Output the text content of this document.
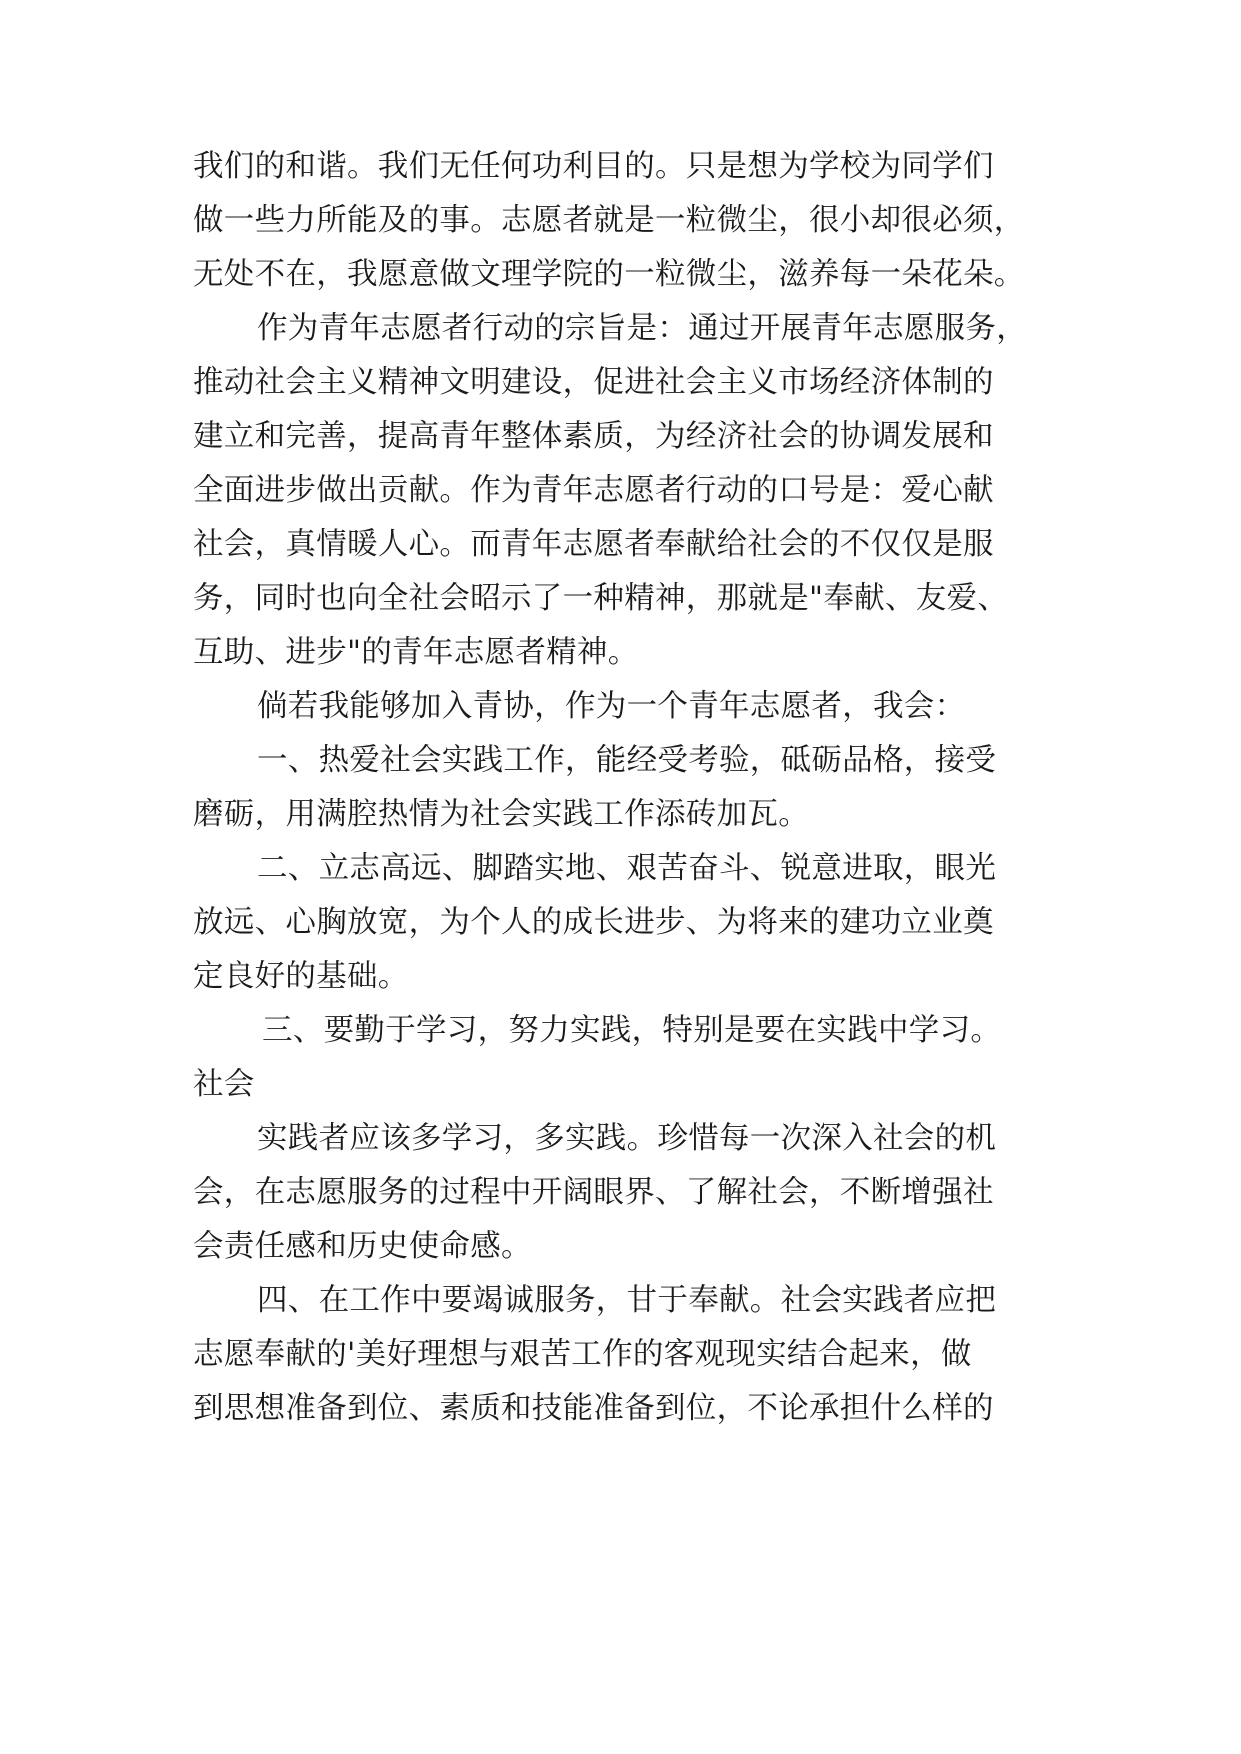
我们的和谐。我们无任何功利目的。只是想为学校为同学们

做一些力所能及的事。志愿者就是一粒微尘，很小却很必须，

无处不在，我愿意做文理学院的一粒微尘，滋养每一朵花朵。

作为青年志愿者行动的宗旨是：通过开展青年志愿服务，

推动社会主义精神文明建设，促进社会主义市场经济体制的

建立和完善，提高青年整体素质，为经济社会的协调发展和

全面进步做出贡献。作为青年志愿者行动的口号是：爱心献

社会，真情暖人心。而青年志愿者奉献给社会的不仅仅是服

务，同时也向全社会昭示了一种精神，那就是"奉献、友爱、

互助、进步"的青年志愿者精神。

倘若我能够加入青协，作为一个青年志愿者，我会：

一、热爱社会实践工作，能经受考验，砥砺品格，接受

磨砺，用满腔热情为社会实践工作添砖加瓦。

二、立志高远、脚踏实地、艰苦奋斗、锐意进取，眼光

放远、心胸放宽，为个人的成长进步、为将来的建功立业奠

定良好的基础。

三、要勤于学习，努力实践，特别是要在实践中学习。

社会

实践者应该多学习，多实践。珍惜每一次深入社会的机

会，在志愿服务的过程中开阔眼界、了解社会，不断增强社

会责任感和历史使命感。

四、在工作中要竭诚服务，甘于奉献。社会实践者应把

志愿奉献的'美好理想与艰苦工作的客观现实结合起来，做

到思想准备到位、素质和技能准备到位，不论承担什么样的
